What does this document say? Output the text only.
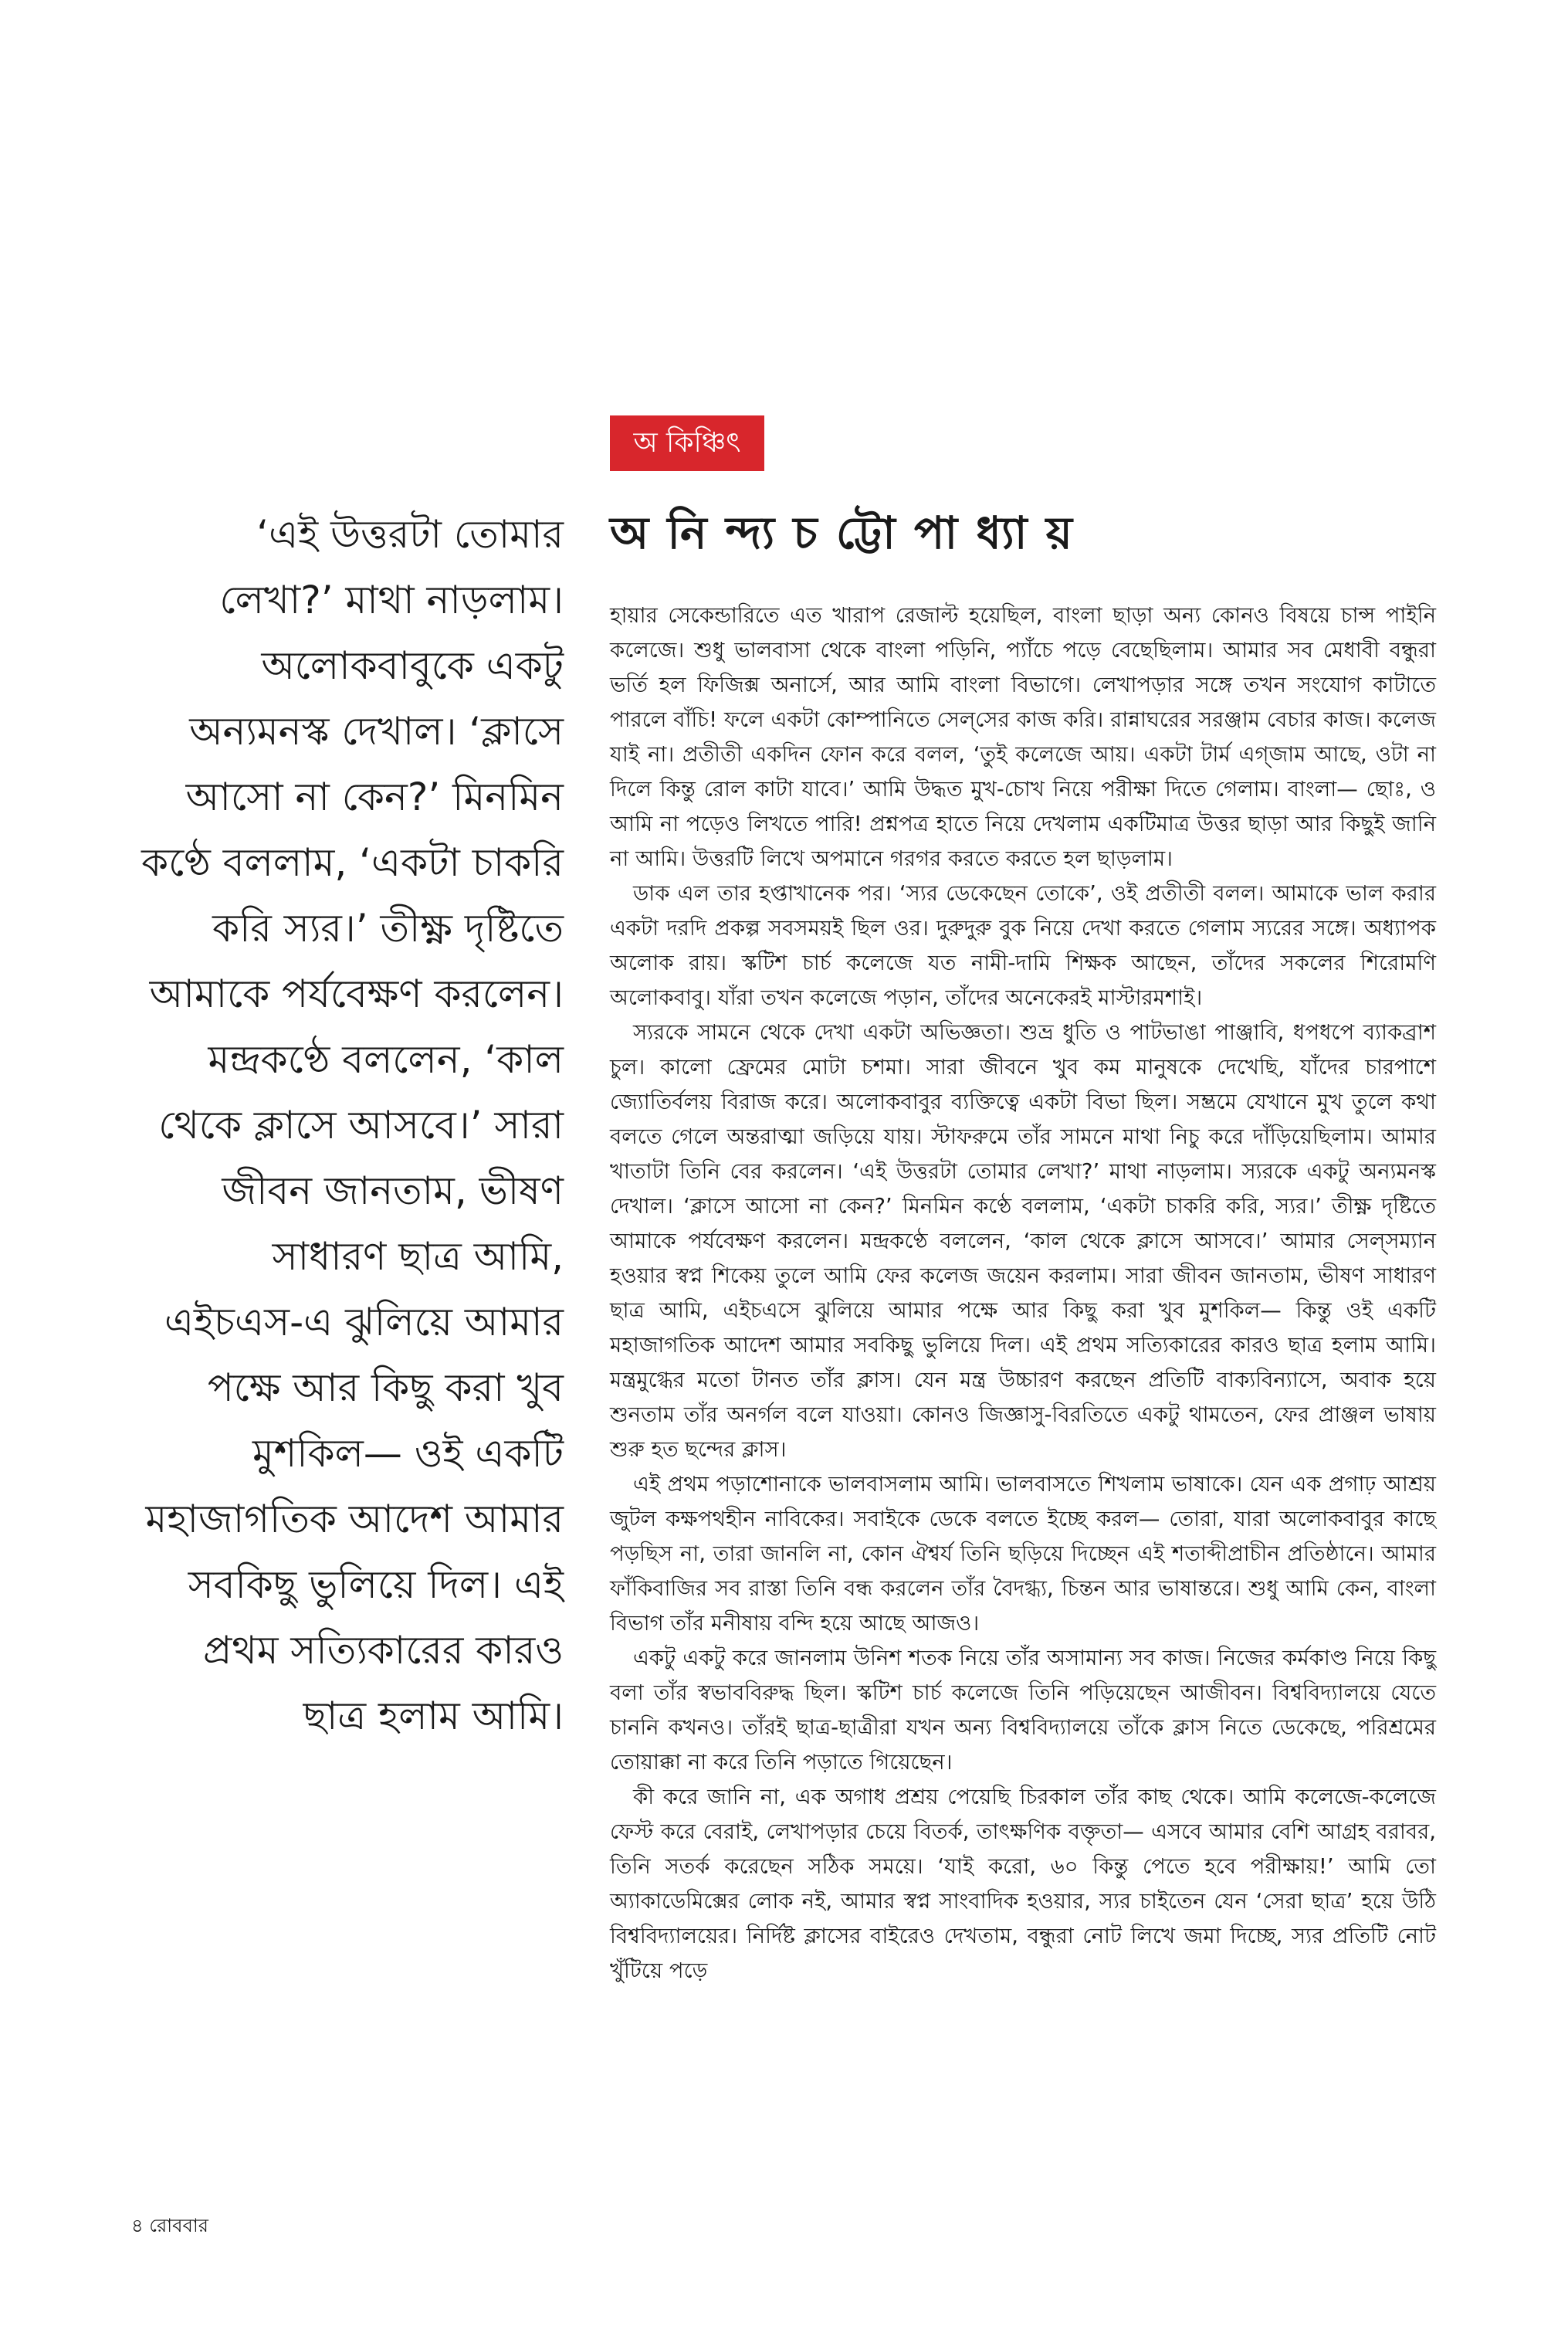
অ কিঞ্চিৎ
অ নি ন্দ্য চ ট্টো পা ধ্যা য়

‘এই উত্তরটা তোমার লেখা?’ মাথা নাড়লাম। অলোকবাবুকে একটু অন্যমনস্ক দেখাল। ‘ক্লাসে আসো না কেন?’ মিনমিন কণ্ঠে বললাম, ‘একটা চাকরি করি স্যর।’ তীক্ষ্ণ দৃষ্টিতে আমাকে পর্যবেক্ষণ করলেন। মন্দ্রকণ্ঠে বললেন, ‘কাল থেকে ক্লাসে আসবে।’ সারা জীবন জানতাম, ভীষণ সাধারণ ছাত্র আমি, এইচএস-এ ঝুলিয়ে আমার পক্ষে আর কিছু করা খুব মুশকিল— ওই একটি মহাজাগতিক আদেশ আমার সবকিছু ভুলিয়ে দিল। এই প্রথম সত্যিকারের কারও ছাত্র হলাম আমি।

হায়ার সেকেন্ডারিতে এত খারাপ রেজাল্ট হয়েছিল, বাংলা ছাড়া অন্য কোনও বিষয়ে চান্স পাইনি কলেজে। শুধু ভালবাসা থেকে বাংলা পড়িনি, প্যাঁচে পড়ে বেছেছিলাম। আমার সব মেধাবী বন্ধুরা ভর্তি হল ফিজিক্স অনার্সে, আর আমি বাংলা বিভাগে। লেখাপড়ার সঙ্গে তখন সংযোগ কাটাতে পারলে বাঁচি! ফলে একটা কোম্পানিতে সেল্‌সের কাজ করি। রান্নাঘরের সরঞ্জাম বেচার কাজ। কলেজ যাই না। প্রতীতী একদিন ফোন করে বলল, ‘তুই কলেজে আয়। একটা টার্ম এগ্‌জাম আছে, ওটা না দিলে কিন্তু রোল কাটা যাবে।’ আমি উদ্ধত মুখ-চোখ নিয়ে পরীক্ষা দিতে গেলাম। বাংলা— ছোঃ, ও আমি না পড়েও লিখতে পারি! প্রশ্নপত্র হাতে নিয়ে দেখলাম একটিমাত্র উত্তর ছাড়া আর কিছুই জানি না আমি। উত্তরটি লিখে অপমানে গরগর করতে করতে হল ছাড়লাম।

ডাক এল তার হপ্তাখানেক পর। ‘স্যর ডেকেছেন তোকে’, ওই প্রতীতী বলল। আমাকে ভাল করার একটা দরদি প্রকল্প সবসময়ই ছিল ওর। দুরুদুরু বুক নিয়ে দেখা করতে গেলাম স্যরের সঙ্গে। অধ্যাপক অলোক রায়। স্কটিশ চার্চ কলেজে যত নামী-দামি শিক্ষক আছেন, তাঁদের সকলের শিরোমণি অলোকবাবু। যাঁরা তখন কলেজে পড়ান, তাঁদের অনেকেরই মাস্টারমশাই।

স্যরকে সামনে থেকে দেখা একটা অভিজ্ঞতা। শুভ্র ধুতি ও পাটভাঙা পাঞ্জাবি, ধপধপে ব্যাকব্রাশ চুল। কালো ফ্রেমের মোটা চশমা। সারা জীবনে খুব কম মানুষকে দেখেছি, যাঁদের চারপাশে জ্যোতির্বলয় বিরাজ করে। অলোকবাবুর ব্যক্তিত্বে একটা বিভা ছিল। সম্ভ্রমে যেখানে মুখ তুলে কথা বলতে গেলে অন্তরাত্মা জড়িয়ে যায়। স্টাফরুমে তাঁর সামনে মাথা নিচু করে দাঁড়িয়েছিলাম। আমার খাতাটা তিনি বের করলেন। ‘এই উত্তরটা তোমার লেখা?’ মাথা নাড়লাম। স্যরকে একটু অন্যমনস্ক দেখাল। ‘ক্লাসে আসো না কেন?’ মিনমিন কণ্ঠে বললাম, ‘একটা চাকরি করি, স্যর।’ তীক্ষ্ণ দৃষ্টিতে আমাকে পর্যবেক্ষণ করলেন। মন্দ্রকণ্ঠে বললেন, ‘কাল থেকে ক্লাসে আসবে।’ আমার সেল্‌সম্যান হওয়ার স্বপ্ন শিকেয় তুলে আমি ফের কলেজ জয়েন করলাম। সারা জীবন জানতাম, ভীষণ সাধারণ ছাত্র আমি, এইচএসে ঝুলিয়ে আমার পক্ষে আর কিছু করা খুব মুশকিল— কিন্তু ওই একটি মহাজাগতিক আদেশ আমার সবকিছু ভুলিয়ে দিল। এই প্রথম সত্যিকারের কারও ছাত্র হলাম আমি। মন্ত্রমুগ্ধের মতো টানত তাঁর ক্লাস। যেন মন্ত্র উচ্চারণ করছেন প্রতিটি বাক্যবিন্যাসে, অবাক হয়ে শুনতাম তাঁর অনর্গল বলে যাওয়া। কোনও জিজ্ঞাসু-বিরতিতে একটু থামতেন, ফের প্রাঞ্জল ভাষায় শুরু হত ছন্দের ক্লাস।

এই প্রথম পড়াশোনাকে ভালবাসলাম আমি। ভালবাসতে শিখলাম ভাষাকে। যেন এক প্রগাঢ় আশ্রয় জুটল কক্ষপথহীন নাবিকের। সবাইকে ডেকে বলতে ইচ্ছে করল— তোরা, যারা অলোকবাবুর কাছে পড়ছিস না, তারা জানলি না, কোন ঐশ্বর্য তিনি ছড়িয়ে দিচ্ছেন এই শতাব্দীপ্রাচীন প্রতিষ্ঠানে। আমার ফাঁকিবাজির সব রাস্তা তিনি বন্ধ করলেন তাঁর বৈদগ্ধ্য, চিন্তন আর ভাষান্তরে। শুধু আমি কেন, বাংলা বিভাগ তাঁর মনীষায় বন্দি হয়ে আছে আজও।

একটু একটু করে জানলাম উনিশ শতক নিয়ে তাঁর অসামান্য সব কাজ। নিজের কর্মকাণ্ড নিয়ে কিছু বলা তাঁর স্বভাববিরুদ্ধ ছিল। স্কটিশ চার্চ কলেজে তিনি পড়িয়েছেন আজীবন। বিশ্ববিদ্যালয়ে যেতে চাননি কখনও। তাঁরই ছাত্র-ছাত্রীরা যখন অন্য বিশ্ববিদ্যালয়ে তাঁকে ক্লাস নিতে ডেকেছে, পরিশ্রমের তোয়াক্কা না করে তিনি পড়াতে গিয়েছেন।

কী করে জানি না, এক অগাধ প্রশ্রয় পেয়েছি চিরকাল তাঁর কাছ থেকে। আমি কলেজে-কলেজে ফেস্ট করে বেরাই, লেখাপড়ার চেয়ে বিতর্ক, তাৎক্ষণিক বক্তৃতা— এসবে আমার বেশি আগ্রহ বরাবর, তিনি সতর্ক করেছেন সঠিক সময়ে। ‘যাই করো, ৬০ কিন্তু পেতে হবে পরীক্ষায়!’ আমি তো অ্যাকাডেমিক্সের লোক নই, আমার স্বপ্ন সাংবাদিক হওয়ার, স্যর চাইতেন যেন ‘সেরা ছাত্র’ হয়ে উঠি বিশ্ববিদ্যালয়ের। নির্দিষ্ট ক্লাসের বাইরেও দেখতাম, বন্ধুরা নোট লিখে জমা দিচ্ছে, স্যর প্রতিটি নোট খুঁটিয়ে পড়ে

৪ রোববার
